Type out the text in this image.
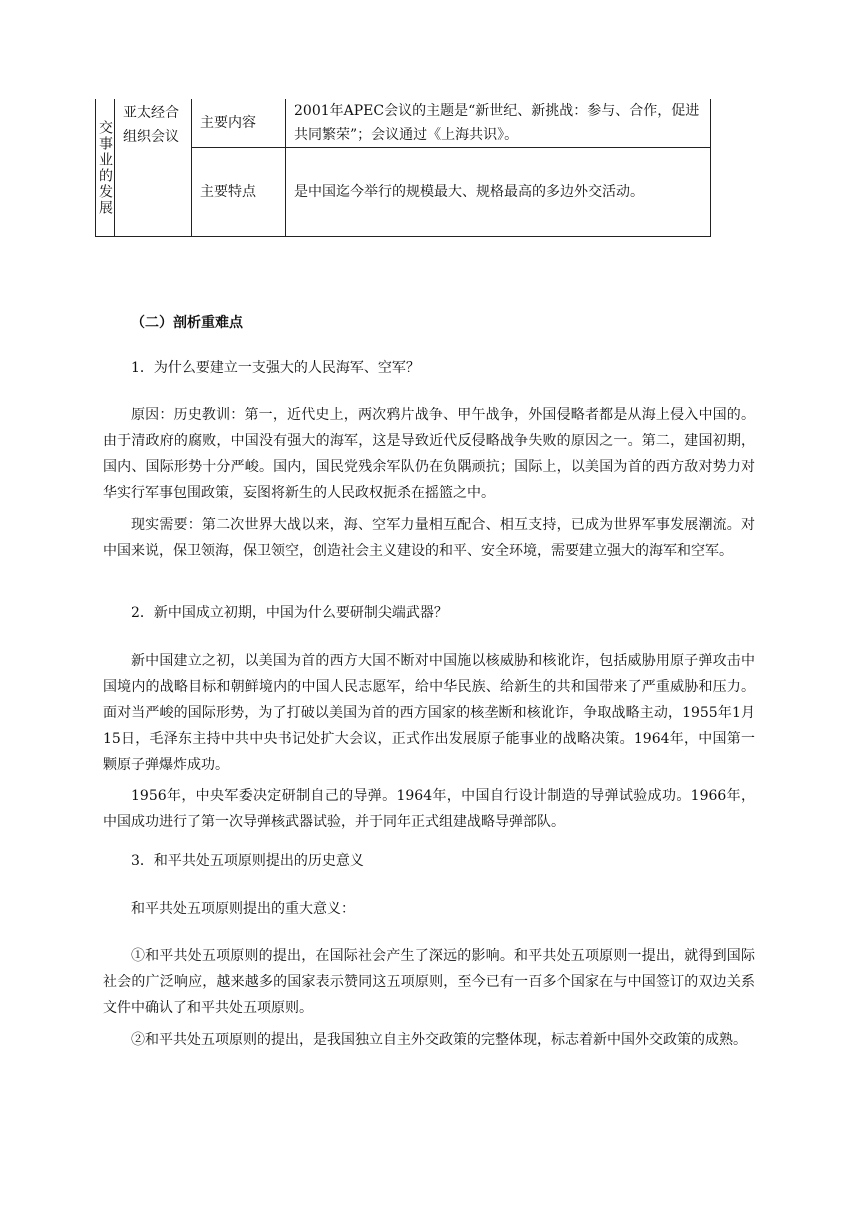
交事业的发展	亚太经合组织会议	主要内容	2001年APEC会议的主题是“新世纪、新挑战：参与、合作，促进共同繁荣”；会议通过《上海共识》。
		主要特点	是中国迄今举行的规模最大、规格最高的多边外交活动。
（二）剖析重难点
1．为什么要建立一支强大的人民海军、空军？
原因：历史教训：第一，近代史上，两次鸦片战争、甲午战争，外国侵略者都是从海上侵入中国的。由于清政府的腐败，中国没有强大的海军，这是导致近代反侵略战争失败的原因之一。第二，建国初期，国内、国际形势十分严峻。国内，国民党残余军队仍在负隅顽抗；国际上，以美国为首的西方敌对势力对华实行军事包围政策，妄图将新生的人民政权扼杀在摇篮之中。
现实需要：第二次世界大战以来，海、空军力量相互配合、相互支持，已成为世界军事发展潮流。对中国来说，保卫领海，保卫领空，创造社会主义建设的和平、安全环境，需要建立强大的海军和空军。
2．新中国成立初期，中国为什么要研制尖端武器？
新中国建立之初，以美国为首的西方大国不断对中国施以核威胁和核讹诈，包括威胁用原子弹攻击中国境内的战略目标和朝鲜境内的中国人民志愿军，给中华民族、给新生的共和国带来了严重威胁和压力。面对当严峻的国际形势，为了打破以美国为首的西方国家的核垄断和核讹诈，争取战略主动，1955年1月15日，毛泽东主持中共中央书记处扩大会议，正式作出发展原子能事业的战略决策。1964年，中国第一颗原子弹爆炸成功。
1956年，中央军委决定研制自己的导弹。1964年，中国自行设计制造的导弹试验成功。1966年，中国成功进行了第一次导弹核武器试验，并于同年正式组建战略导弹部队。
3．和平共处五项原则提出的历史意义
和平共处五项原则提出的重大意义：
①和平共处五项原则的提出，在国际社会产生了深远的影响。和平共处五项原则一提出，就得到国际社会的广泛响应，越来越多的国家表示赞同这五项原则，至今已有一百多个国家在与中国签订的双边关系文件中确认了和平共处五项原则。
②和平共处五项原则的提出，是我国独立自主外交政策的完整体现，标志着新中国外交政策的成熟。
